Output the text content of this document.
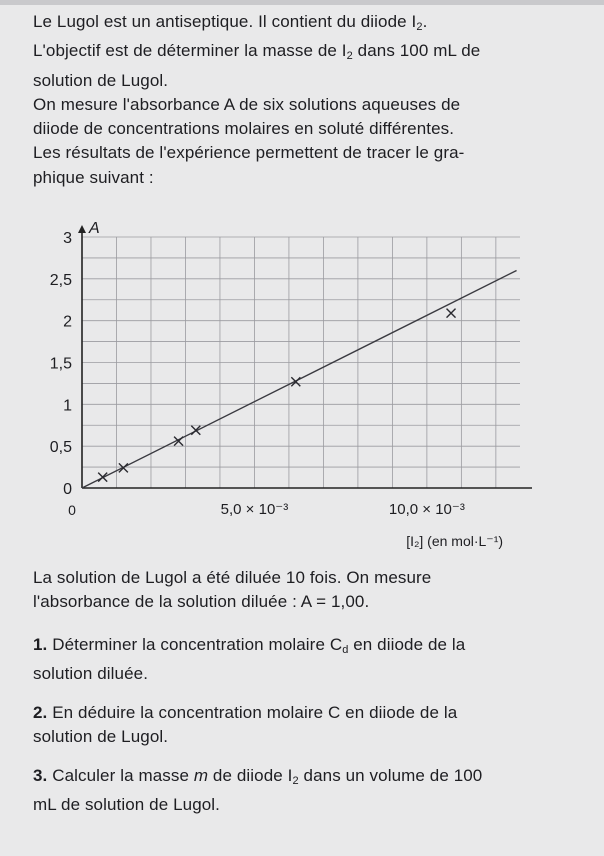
Le Lugol est un antiseptique. Il contient du diiode $I_2$.
L'objectif est de déterminer la masse de $I_2$ dans 100 mL de
solution de Lugol.
On mesure l'absorbance A de six solutions aqueuses de
diiode de concentrations molaires en soluté différentes.
Les résultats de l'expérience permettent de tracer le gra-
phique suivant :
0
0,5
1
1,5
2
2,5
3
0	5,0 × 10⁻³	10,0 × 10⁻³
A
[I₂] (en mol·L⁻¹)
La solution de Lugol a été diluée 10 fois. On mesure
l'absorbance de la solution diluée : A = 1,00.
1. Déterminer la concentration molaire $C_d$ en diiode de la
solution diluée.
2. En déduire la concentration molaire C en diiode de la
solution de Lugol.
3. Calculer la masse m de diiode $I_2$ dans un volume de 100
mL de solution de Lugol.
